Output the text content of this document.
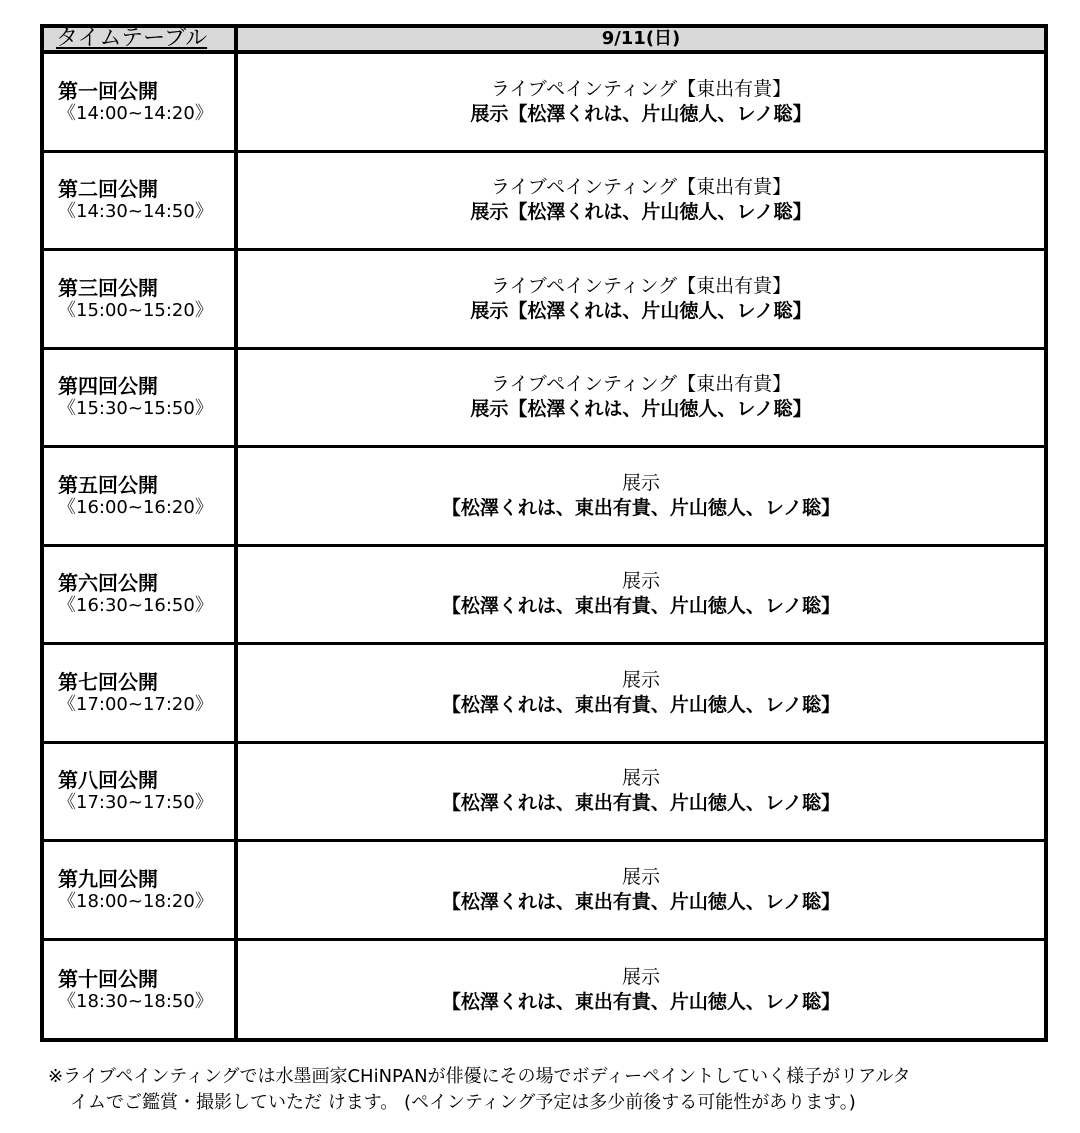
タイムテーブル	9/11(日)
第一回公開
《14:00~14:20》
ライブペインティング【東出有貴】
展示【松澤くれは、片山徳人、レノ聡】
第二回公開
《14:30~14:50》
ライブペインティング【東出有貴】
展示【松澤くれは、片山徳人、レノ聡】
第三回公開
《15:00~15:20》
ライブペインティング【東出有貴】
展示【松澤くれは、片山徳人、レノ聡】
第四回公開
《15:30~15:50》
ライブペインティング【東出有貴】
展示【松澤くれは、片山徳人、レノ聡】
第五回公開
《16:00~16:20》
展示
【松澤くれは、東出有貴、片山徳人、レノ聡】
第六回公開
《16:30~16:50》
展示
【松澤くれは、東出有貴、片山徳人、レノ聡】
第七回公開
《17:00~17:20》
展示
【松澤くれは、東出有貴、片山徳人、レノ聡】
第八回公開
《17:30~17:50》
展示
【松澤くれは、東出有貴、片山徳人、レノ聡】
第九回公開
《18:00~18:20》
展示
【松澤くれは、東出有貴、片山徳人、レノ聡】
第十回公開
《18:30~18:50》
展示
【松澤くれは、東出有貴、片山徳人、レノ聡】
※ライブペインティングでは水墨画家CHiNPANが俳優にその場でボディーペイントしていく様子がリアルタ
イムでご鑑賞・撮影していただ けます。 (ペインティング予定は多少前後する可能性があります。)
